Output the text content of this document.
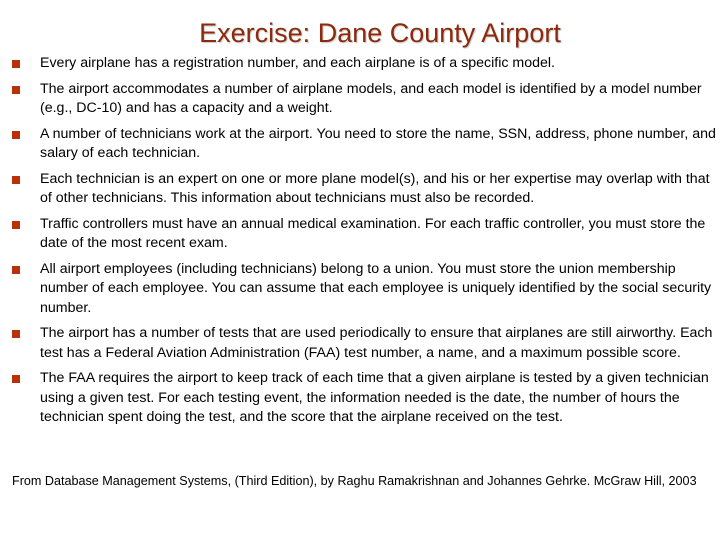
Exercise: Dane County Airport
Every airplane has a registration number, and each airplane is of a specific model.
The airport accommodates a number of airplane models, and each model is identified by a model number (e.g., DC-10) and has a capacity and a weight.
A number of technicians work at the airport. You need to store the name, SSN, address, phone number, and salary of each technician.
Each technician is an expert on one or more plane model(s), and his or her expertise may overlap with that of other technicians. This information about technicians must also be recorded.
Traffic controllers must have an annual medical examination. For each traffic controller, you must store the date of the most recent exam.
All airport employees (including technicians) belong to a union. You must store the union membership number of each employee. You can assume that each employee is uniquely identified by the social security number.
The airport has a number of tests that are used periodically to ensure that airplanes are still airworthy. Each test has a Federal Aviation Administration (FAA) test number, a name, and a maximum possible score.
The FAA requires the airport to keep track of each time that a given airplane is tested by a given technician using a given test. For each testing event, the information needed is the date, the number of hours the technician spent doing the test, and the score that the airplane received on the test.
From Database Management Systems, (Third Edition), by Raghu Ramakrishnan and Johannes Gehrke. McGraw Hill, 2003
